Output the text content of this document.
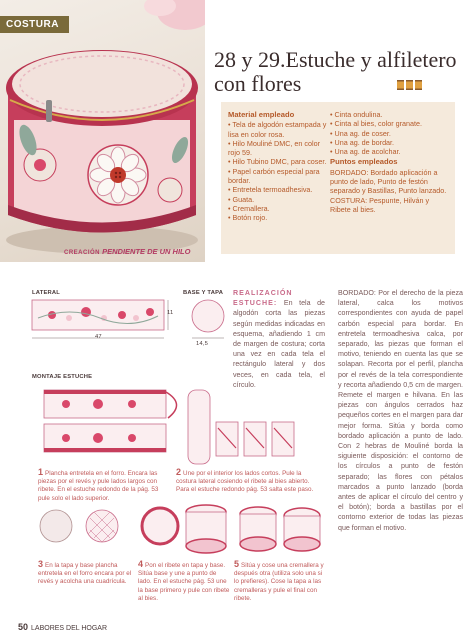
COSTURA
CREACIÓN PENDIENTE DE UN HILO
28 y 29.Estuche y alfiletero con flores
Material empleado
• Tela de algodón estampada y lisa en color rosa.
• Hilo Mouliné DMC, en color rojo 59.
• Hilo Tubino DMC, para coser.
• Papel carbón especial para bordar.
• Entretela termoadhesiva.
• Guata.
• Cremallera.
• Botón rojo.
• Cinta ondulina.
• Cinta al bies, color granate.
• Una ag. de coser.
• Una ag. de bordar.
• Una ag. de acolchar.
Puntos empleados
BORDADO: Bordado aplicación a punto de lado, Punto de festón separado y Bastillas, Punto lanzado. COSTURA: Pespunte, Hilván y Ribete al bies.
LATERAL	BASE Y TAPA
11
47
14,5
MONTAJE ESTUCHE
1 Plancha entretela en el forro. Encara las piezas por el revés y pule lados largos con ribete. En el estuche redondo de la pág. 53 pule solo el lado superior.
2 Une por el interior los lados cortos. Pule la costura lateral cosiendo el ribete al bies abierto. Para el estuche redondo pág. 53 salta este paso.
3 En la tapa y base plancha entretela en el forro encara por el revés y acolcha una cuadrícula.
4 Pon el ribete en tapa y base. Sitúa base y une a punto de lado. En el estuche pág. 53 une la base primero y pule con ribete al bies.
5 Sitúa y cose una cremallera y después otra (utiliza solo una si lo prefieres). Cose la tapa a las cremalleras y pule el final con ribete.
REALIZACIÓN ESTUCHE: En tela de algodón corta las piezas según medidas indicadas en esquema, añadiendo 1 cm de margen de costura; corta una vez en cada tela el rectángulo lateral y dos veces, en cada tela, el círculo.
BORDADO: Por el derecho de la pieza lateral, calca los motivos correspondientes con ayuda de papel carbón especial para bordar. En entretela termoadhesiva calca, por separado, las piezas que forman el motivo, teniendo en cuenta las que se solapan. Recorta por el perfil, plancha por el revés de la tela correspondiente y recorta añadiendo 0,5 cm de margen. Remete el margen e hilvana. En las piezas con ángulos cerrados haz pequeños cortes en el margen para dar mejor forma. Sitúa y borda como bordado aplicación a punto de lado. Con 2 hebras de Mouliné borda la siguiente disposición: el contorno de los círculos a punto de festón separado; las flores con pétalos marcados a punto lanzado (borda antes de aplicar el círculo del centro y el botón); borda a bastillas por el contorno exterior de todas las piezas que forman el motivo.
50 LABORES DEL HOGAR
